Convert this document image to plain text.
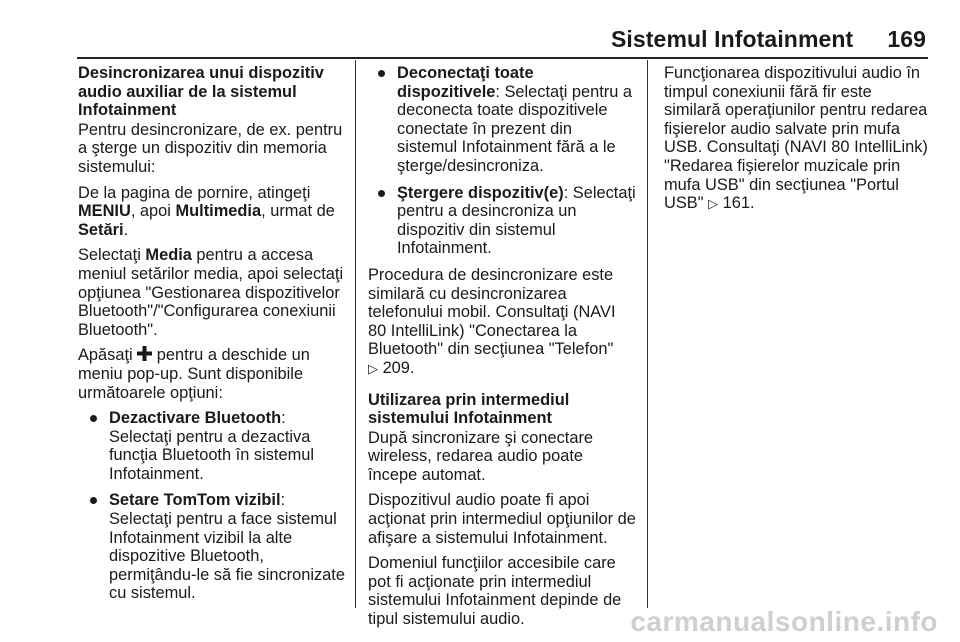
Sistemul Infotainment 169

Desincronizarea unui dispozitiv audio auxiliar de la sistemul Infotainment

Pentru desincronizare, de ex. pentru a şterge un dispozitiv din memoria sistemului:

De la pagina de pornire, atingeţi MENIU, apoi Multimedia, urmat de Setări.

Selectaţi Media pentru a accesa meniul setărilor media, apoi selectaţi opţiunea "Gestionarea dispozitivelor Bluetooth"/"Configurarea conexiunii Bluetooth".

Apăsaţi  pentru a deschide un meniu pop-up. Sunt disponibile următoarele opţiuni:

Dezactivare Bluetooth: Selectaţi pentru a dezactiva funcţia Bluetooth în sistemul Infotainment.

Setare TomTom vizibil: Selectaţi pentru a face sistemul Infotainment vizibil la alte dispozitive Bluetooth, permiţându-le să fie sincronizate cu sistemul.

Deconectaţi toate dispozitivele: Selectaţi pentru a deconecta toate dispozitivele conectate în prezent din sistemul Infotainment fără a le şterge/desincroniza.

Ştergere dispozitiv(e): Selectaţi pentru a desincroniza un dispozitiv din sistemul Infotainment.

Procedura de desincronizare este similară cu desincronizarea telefonului mobil. Consultaţi (NAVI 80 IntelliLink) "Conectarea la Bluetooth" din secţiunea "Telefon"
▷ 209.

Utilizarea prin intermediul sistemului Infotainment

După sincronizare şi conectare wireless, redarea audio poate începe automat.

Dispozitivul audio poate fi apoi acţionat prin intermediul opţiunilor de afişare a sistemului Infotainment.

Domeniul funcţiilor accesibile care pot fi acţionate prin intermediul sistemului Infotainment depinde de tipul sistemului audio.

Funcţionarea dispozitivului audio în timpul conexiunii fără fir este similară operaţiunilor pentru redarea fişierelor audio salvate prin mufa USB. Consultaţi (NAVI 80 IntelliLink) "Redarea fişierelor muzicale prin mufa USB" din secţiunea "Portul USB" ▷ 161.

carmanualsonline.info
